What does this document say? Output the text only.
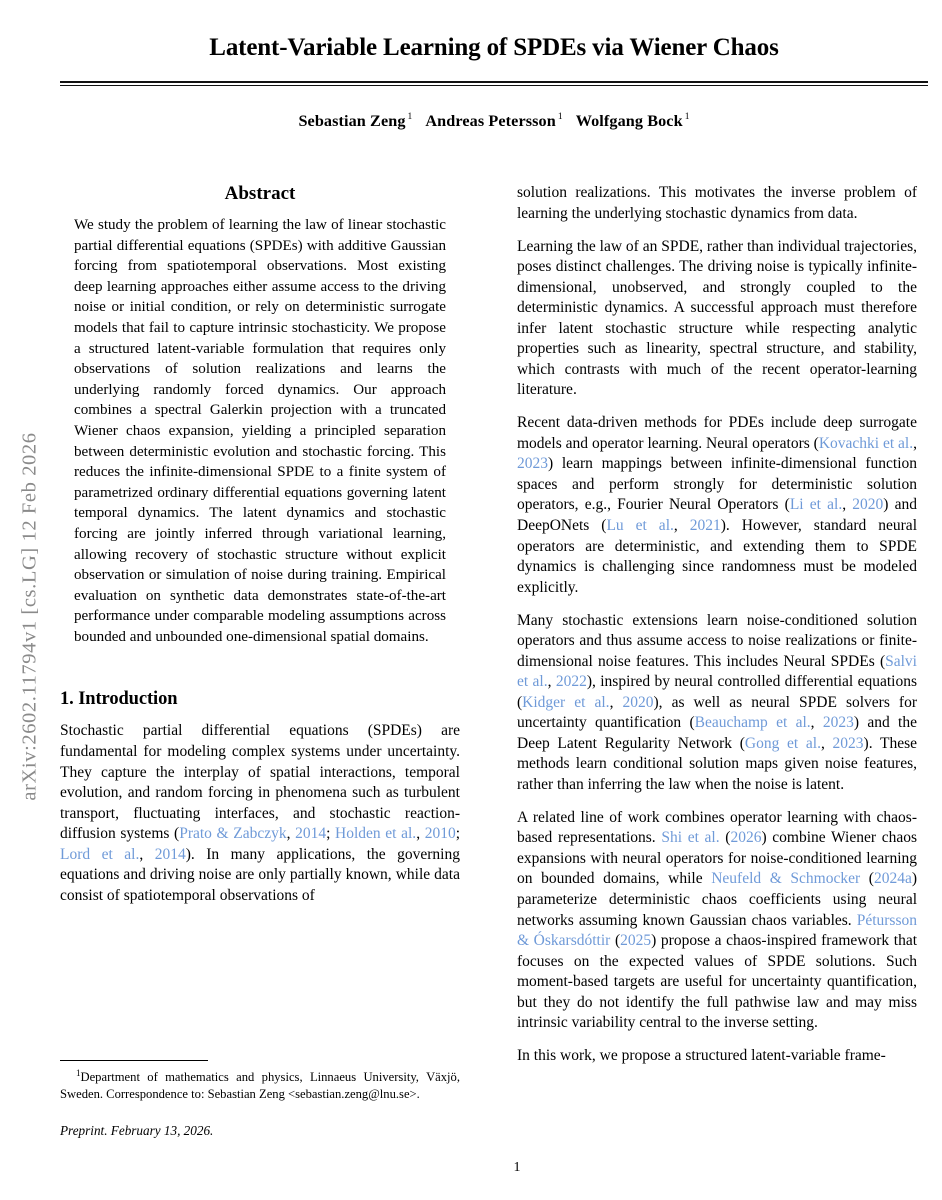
arXiv:2602.11794v1 [cs.LG] 12 Feb 2026
Latent-Variable Learning of SPDEs via Wiener Chaos
Sebastian Zeng $^1$ Andreas Petersson $^1$ Wolfgang Bock $^1$
Abstract
We study the problem of learning the law of linear stochastic partial differential equations (SPDEs) with additive Gaussian forcing from spatiotemporal observations. Most existing deep learning approaches either assume access to the driving noise or initial condition, or rely on deterministic surrogate models that fail to capture intrinsic stochasticity. We propose a structured latent-variable formulation that requires only observations of solution realizations and learns the underlying randomly forced dynamics. Our approach combines a spectral Galerkin projection with a truncated Wiener chaos expansion, yielding a principled separation between deterministic evolution and stochastic forcing. This reduces the infinite-dimensional SPDE to a finite system of parametrized ordinary differential equations governing latent temporal dynamics. The latent dynamics and stochastic forcing are jointly inferred through variational learning, allowing recovery of stochastic structure without explicit observation or simulation of noise during training. Empirical evaluation on synthetic data demonstrates state-of-the-art performance under comparable modeling assumptions across bounded and unbounded one-dimensional spatial domains.
1. Introduction

Stochastic partial differential equations (SPDEs) are fundamental for modeling complex systems under uncertainty. They capture the interplay of spatial interactions, temporal evolution, and random forcing in phenomena such as turbulent transport, fluctuating interfaces, and stochastic reaction-diffusion systems (Prato & Zabczyk, 2014; Holden et al., 2010; Lord et al., 2014). In many applications, the governing equations and driving noise are only partially known, while data consist of spatiotemporal observations of

solution realizations. This motivates the inverse problem of learning the underlying stochastic dynamics from data.

Learning the law of an SPDE, rather than individual trajectories, poses distinct challenges. The driving noise is typically infinite-dimensional, unobserved, and strongly coupled to the deterministic dynamics. A successful approach must therefore infer latent stochastic structure while respecting analytic properties such as linearity, spectral structure, and stability, which contrasts with much of the recent operator-learning literature.

Recent data-driven methods for PDEs include deep surrogate models and operator learning. Neural operators (Kovachki et al., 2023) learn mappings between infinite-dimensional function spaces and perform strongly for deterministic solution operators, e.g., Fourier Neural Operators (Li et al., 2020) and DeepONets (Lu et al., 2021). However, standard neural operators are deterministic, and extending them to SPDE dynamics is challenging since randomness must be modeled explicitly.

Many stochastic extensions learn noise-conditioned solution operators and thus assume access to noise realizations or finite-dimensional noise features. This includes Neural SPDEs (Salvi et al., 2022), inspired by neural controlled differential equations (Kidger et al., 2020), as well as neural SPDE solvers for uncertainty quantification (Beauchamp et al., 2023) and the Deep Latent Regularity Network (Gong et al., 2023). These methods learn conditional solution maps given noise features, rather than inferring the law when the noise is latent.

A related line of work combines operator learning with chaos-based representations. Shi et al. (2026) combine Wiener chaos expansions with neural operators for noise-conditioned learning on bounded domains, while Neufeld & Schmocker (2024a) parameterize deterministic chaos coefficients using neural networks assuming known Gaussian chaos variables. Pétursson & Óskarsdóttir (2025) propose a chaos-inspired framework that focuses on the expected values of SPDE solutions. Such moment-based targets are useful for uncertainty quantification, but they do not identify the full pathwise law and may miss intrinsic variability central to the inverse setting.

In this work, we propose a structured latent-variable frame-

$^1$Department of mathematics and physics, Linnaeus University, Växjö, Sweden. Correspondence to: Sebastian Zeng <sebastian.zeng@lnu.se>.

Preprint. February 13, 2026.
1
